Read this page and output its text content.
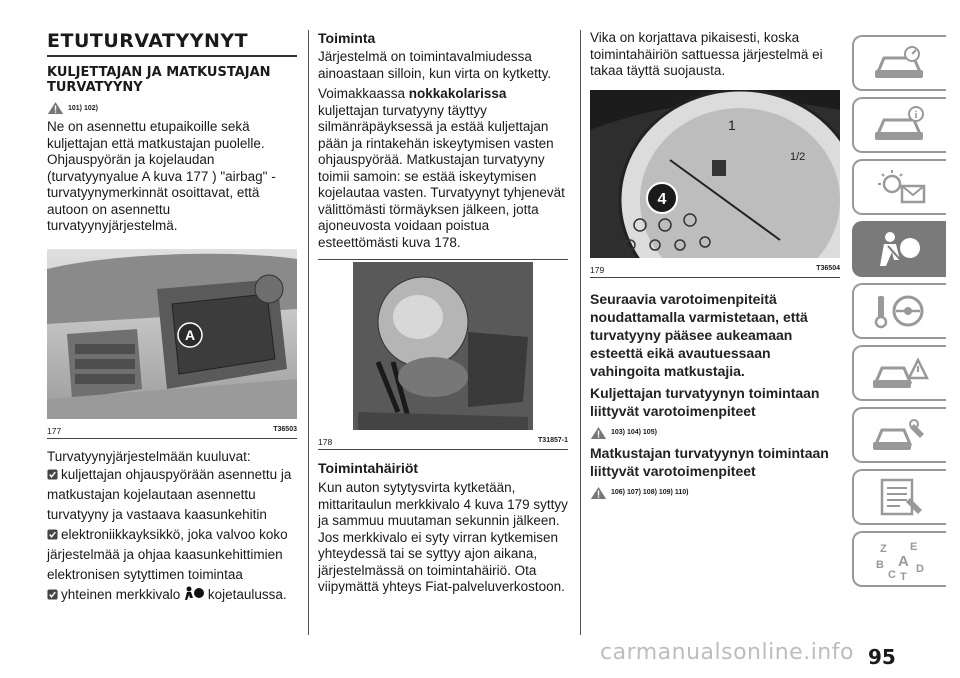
ETUTURVATYYNYT
KULJETTAJAN JA MATKUSTAJAN TURVATYYNY
101) 102)

Ne on asennettu etupaikoille sekä kuljettajan että matkustajan puolelle. Ohjauspyörän ja kojelaudan (turvatyynyalue A kuva 177 ) "airbag" -turvatyynymerkinnät osoittavat, että autoon on asennettu turvatyynyjärjestelmä.

A
177	T36503

Turvatyynyjärjestelmään kuuluvat:

kuljettajan ohjauspyörään asennettu ja matkustajan kojelautaan asennettu turvatyyny ja vastaava kaasunkehitin

elektroniikkayksikkö, joka valvoo koko järjestelmää ja ohjaa kaasunkehittimien elektronisen sytyttimen toimintaa

yhteinen merkkivalo kojetaulussa.

Toiminta

Järjestelmä on toimintavalmiudessa ainoastaan silloin, kun virta on kytketty.

Voimakkaassa nokkakolarissa kuljettajan turvatyyny täyttyy silmänräpäyksessä ja estää kuljettajan pään ja rintakehän iskeytymisen vasten ohjauspyörää. Matkustajan turvatyyny toimii samoin: se estää iskeytymisen kojelautaa vasten. Turvatyynyt tyhjenevät välittömästi törmäyksen jälkeen, jotta ajoneuvosta voidaan poistua esteettömästi kuva 178.

178	T31857-1
Toimintahäiriöt

Kun auton sytytysvirta kytketään, mittaritaulun merkkivalo 4 kuva 179 syttyy ja sammuu muutaman sekunnin jälkeen. Jos merkkivalo ei syty virran kytkemisen yhteydessä tai se syttyy ajon aikana, järjestelmässä on toimintahäiriö. Ota viipymättä yhteys Fiat-palveluverkostoon.

Vika on korjattava pikaisesti, koska toimintahäiriön sattuessa järjestelmä ei takaa täyttä suojausta.

1
1/2
4
179	T36504
Seuraavia varotoimenpiteitä noudattamalla varmistetaan, että turvatyyny pääsee aukeamaan esteettä eikä avautuessaan vahingoita matkustajia.
Kuljettajan turvatyynyn toimintaan liittyvät varotoimenpiteet
103) 104) 105)
Matkustajan turvatyynyn toimintaan liittyvät varotoimenpiteet
106) 107) 108) 109) 110)
i
Z E
B A
C T
D
carmanualsonline.info 95
